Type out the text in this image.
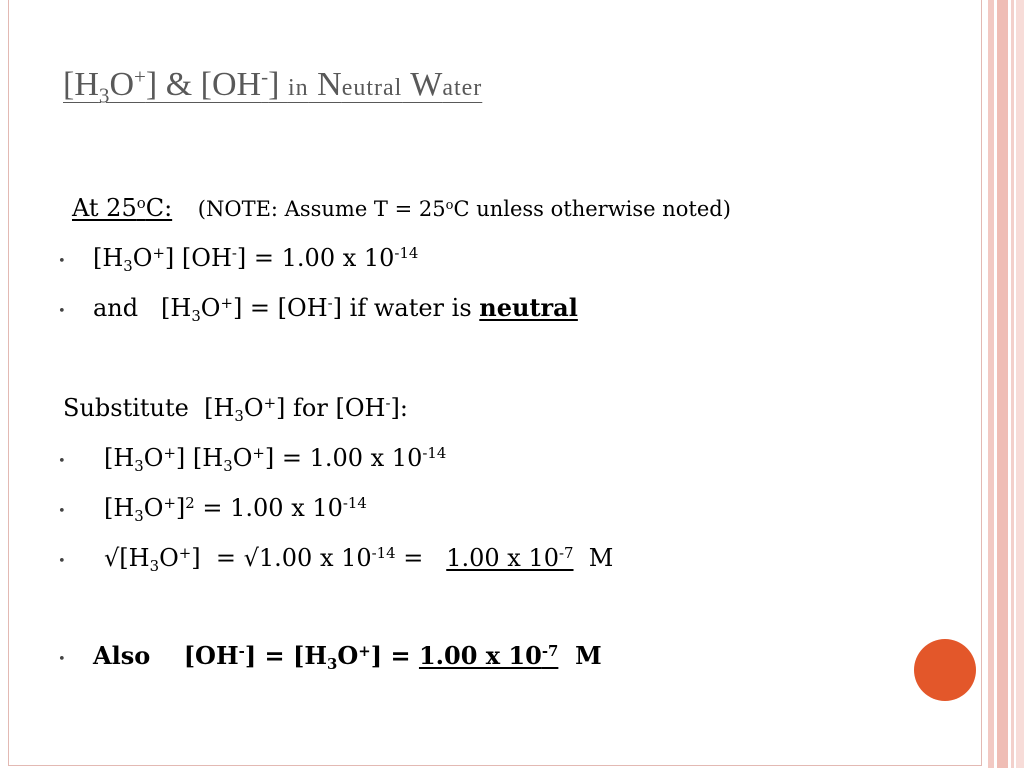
$[H_3O^+]$ & [OH-] in Neutral Water
At 25$^o$C: (NOTE: Assume $T = 25^oC$ unless otherwise noted)
• $[H_3O^+] [OH^-] = 1.00$ x $10^{-14}$
• and   $[H_3O^+] = [OH^-]$ if water is neutral
Substitute  $[H_3O^+]$ for [OH-]:
• $[H_3O^+] [H_3O^+] = 1.00$ x $10^{-14}$
• $[H_3O^+]^2 = 1.00$ x $10^{-14}$
• $√[H_3O^+] = √1.00$ x $10^{-14} = 1.00$ x $10^{-7}$  M
• Also    $[OH^-] = [H_3O^+] = 1.00$ x $10^{-7}$  M
